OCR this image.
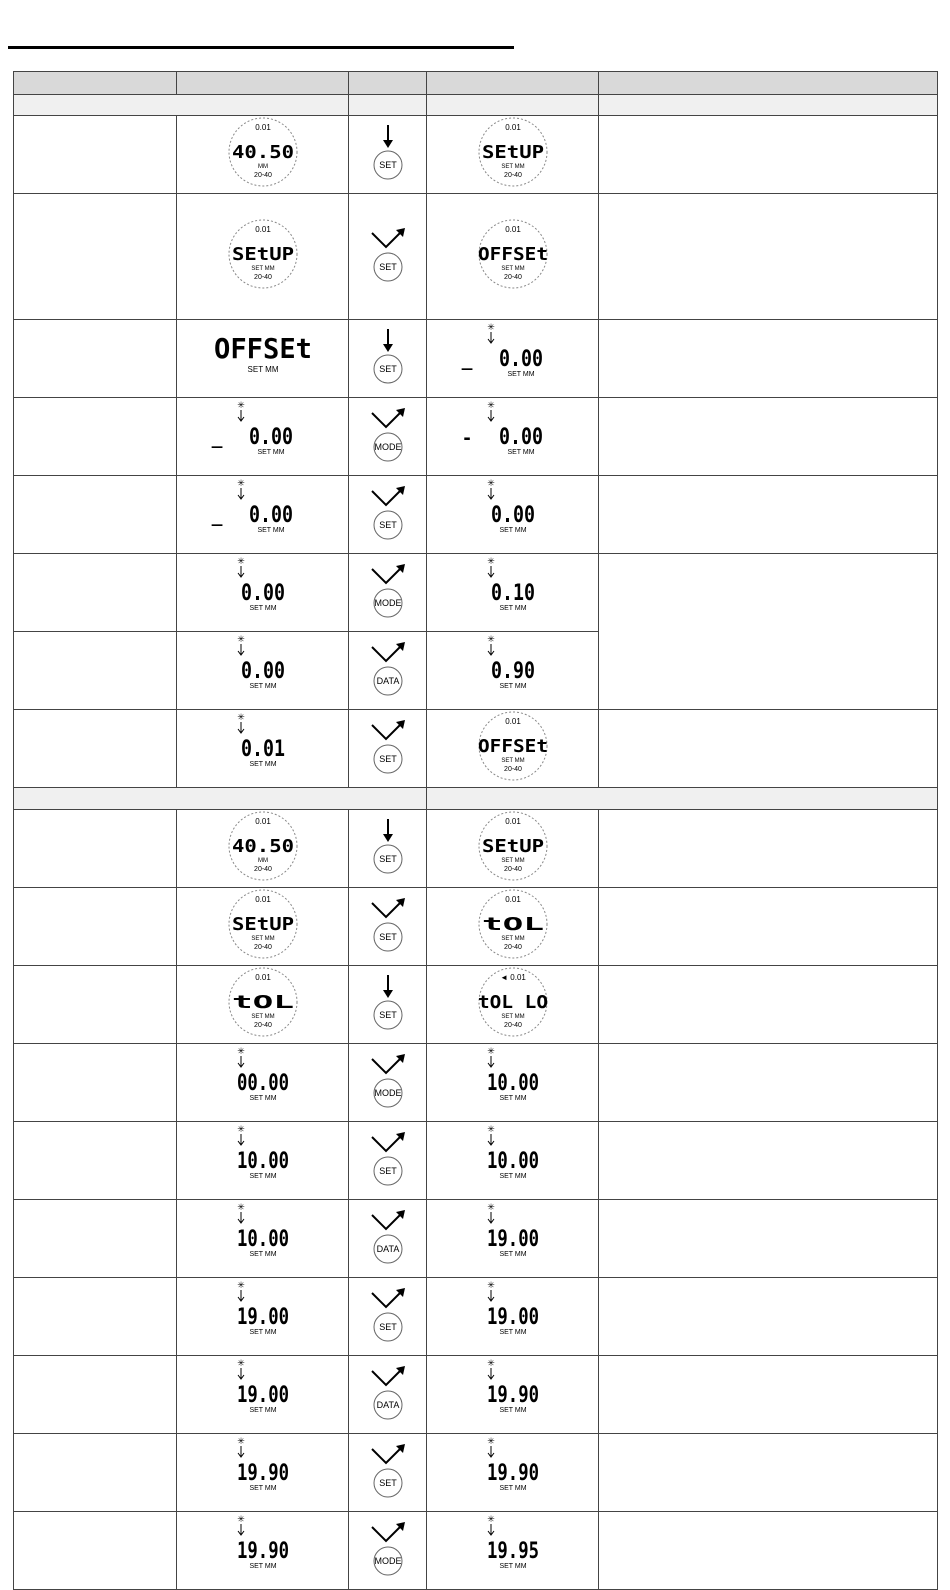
0.01
40.50
MM
20-40	SET	0.01
SEtUP
SET MM
20-40	

0.01
SEtUP
SET MM
20-40	SET	0.01
OFFSEt
SET MM
20-40	

OFFSEt
SET MM	SET	✳
_ 0.00
SET MM	

✳
_ 0.00
SET MM	MODE	✳
- 0.00
SET MM	

✳
_ 0.00
SET MM	SET	✳
0.00
SET MM	

✳
0.00
SET MM	MODE	✳
0.10
SET MM	

✳
0.00
SET MM	DATA	✳
0.90
SET MM	

✳
0.01
SET MM	SET	0.01
OFFSEt
SET MM
20-40	

0.01
40.50
MM
20-40	SET	0.01
SEtUP
SET MM
20-40	

0.01
SEtUP
SET MM
20-40	SET	0.01
tOL
SET MM
20-40	

0.01
tOL
SET MM
20-40	SET	◄ 0.01
tOL LO
SET MM
20-40	

✳
00.00
SET MM	MODE	✳
10.00
SET MM	

✳
10.00
SET MM	SET	✳
10.00
SET MM	

✳
10.00
SET MM	DATA	✳
19.00
SET MM	

✳
19.00
SET MM	SET	✳
19.00
SET MM	

✳
19.00
SET MM	DATA	✳
19.90
SET MM	

✳
19.90
SET MM	SET	✳
19.90
SET MM	

✳
19.90
SET MM	MODE	✳
19.95
SET MM	
